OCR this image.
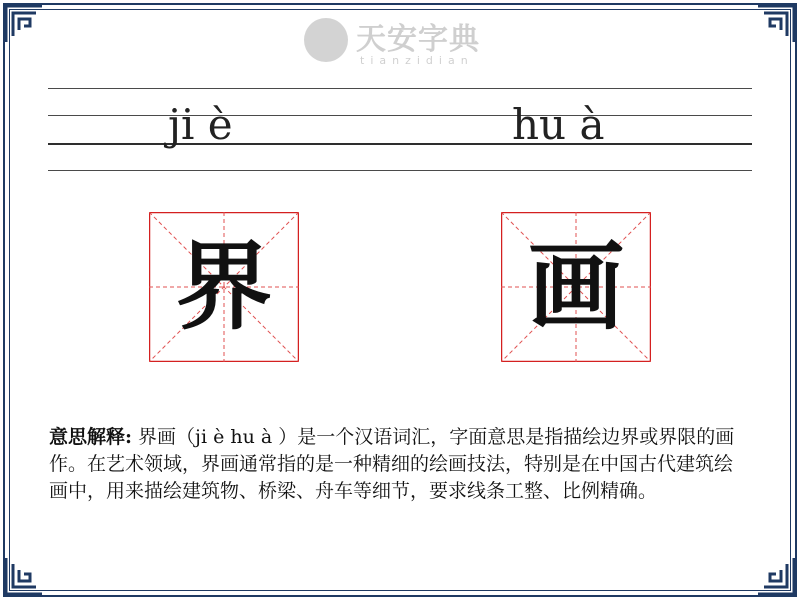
天安字典
tianzidian
ji è	hu à
界	画
意思解释: 界画（ji è hu à ）是一个汉语词汇，字面意思是指描绘边界或界限的画作。在艺术领域，界画通常指的是一种精细的绘画技法，特别是在中国古代建筑绘画中，用来描绘建筑物、桥梁、舟车等细节，要求线条工整、比例精确。
